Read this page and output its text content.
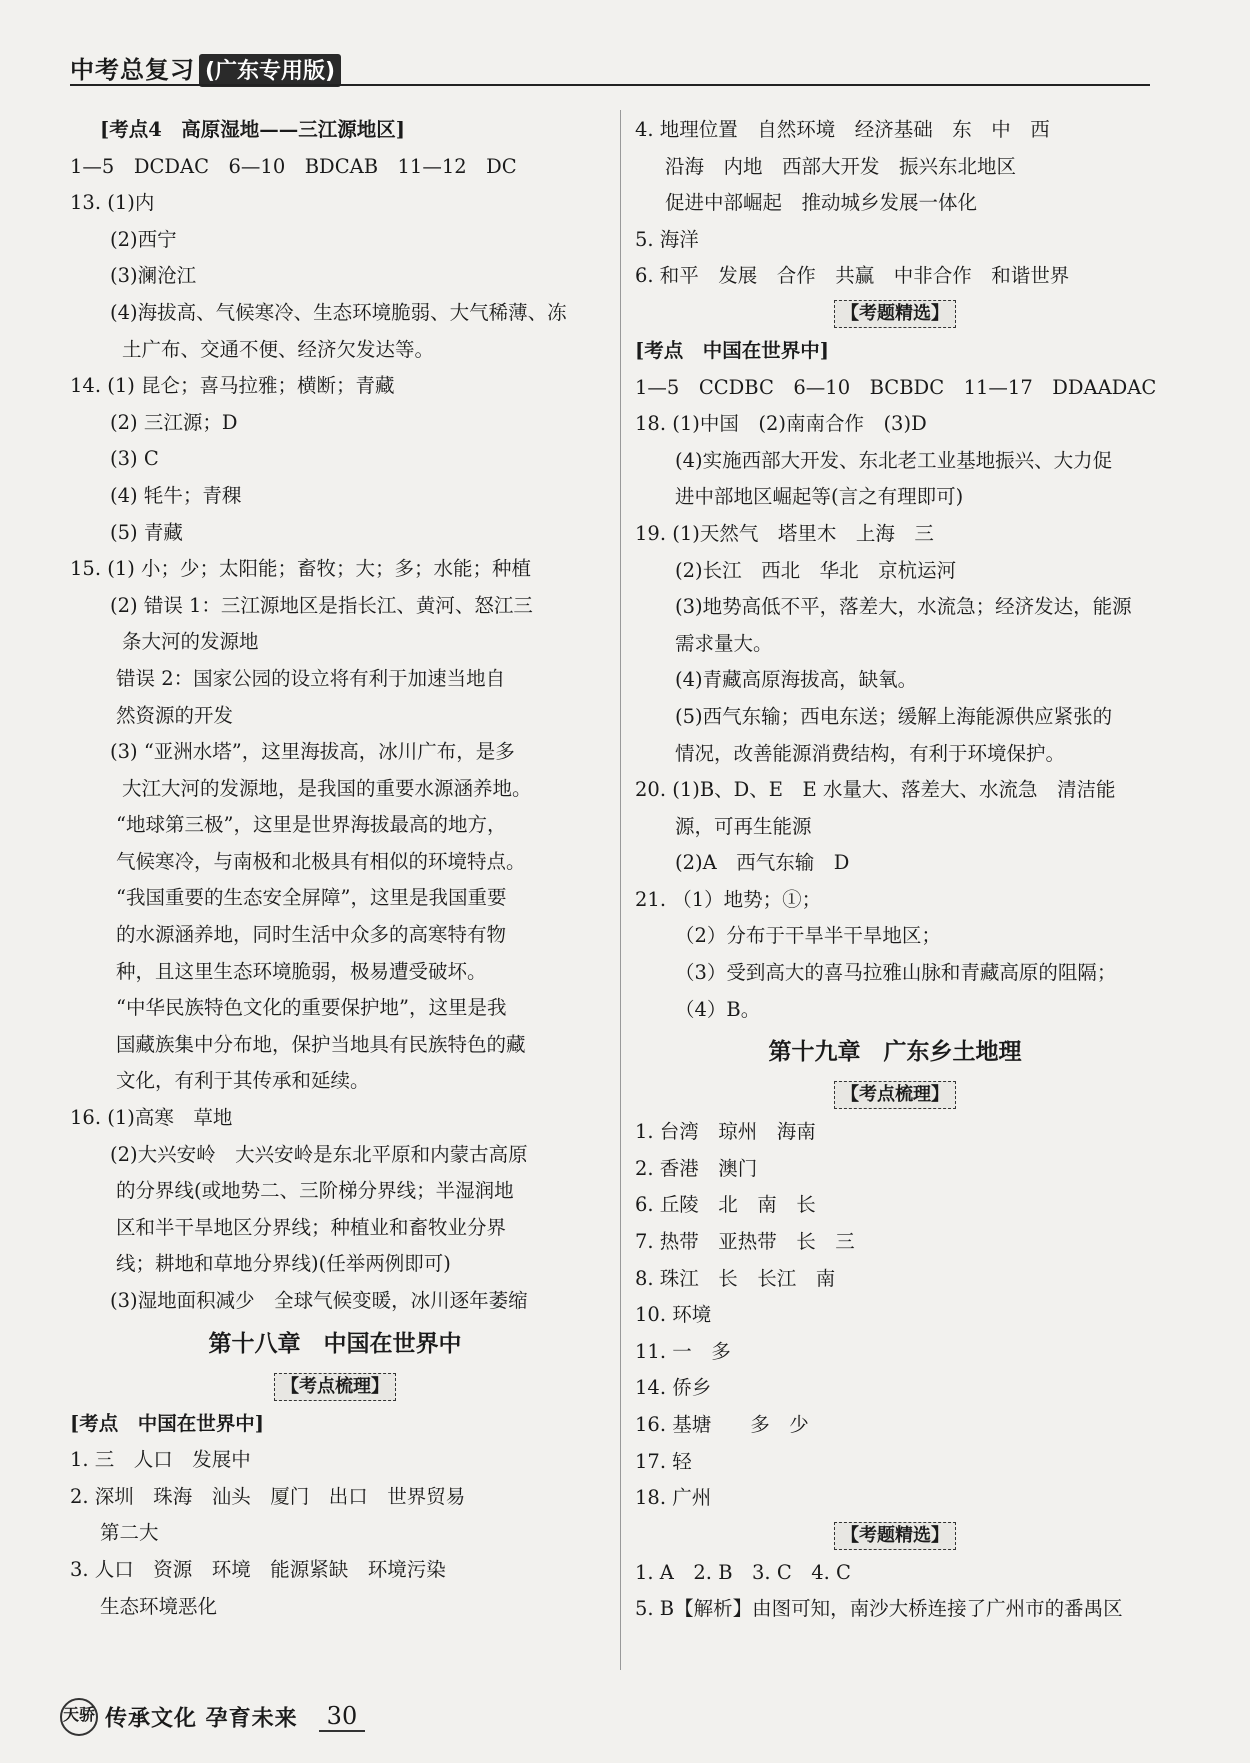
中考总复习 (广东专用版)
[考点4　高原湿地——三江源地区]
1—5　DCDAC　6—10　BDCAB　11—12　DC
13. (1)内
(2)西宁
(3)澜沧江
(4)海拔高、气候寒冷、生态环境脆弱、大气稀薄、冻
土广布、交通不便、经济欠发达等。
14. (1) 昆仑；喜马拉雅；横断；青藏
(2) 三江源；D
(3) C
(4) 牦牛；青稞
(5) 青藏
15. (1) 小；少；太阳能；畜牧；大；多；水能；种植
(2) 错误 1：三江源地区是指长江、黄河、怒江三
条大河的发源地
错误 2：国家公园的设立将有利于加速当地自
然资源的开发
(3) “亚洲水塔”，这里海拔高，冰川广布，是多
大江大河的发源地，是我国的重要水源涵养地。
“地球第三极”，这里是世界海拔最高的地方，
气候寒冷，与南极和北极具有相似的环境特点。
“我国重要的生态安全屏障”，这里是我国重要
的水源涵养地，同时生活中众多的高寒特有物
种，且这里生态环境脆弱，极易遭受破坏。
“中华民族特色文化的重要保护地”，这里是我
国藏族集中分布地，保护当地具有民族特色的藏
文化，有利于其传承和延续。
16. (1)高寒　草地
(2)大兴安岭　大兴安岭是东北平原和内蒙古高原
的分界线(或地势二、三阶梯分界线；半湿润地
区和半干旱地区分界线；种植业和畜牧业分界
线；耕地和草地分界线)(任举两例即可)
(3)湿地面积减少　全球气候变暖，冰川逐年萎缩
第十八章　中国在世界中
【考点梳理】
[考点　中国在世界中]
1. 三　人口　发展中
2. 深圳　珠海　汕头　厦门　出口　世界贸易
第二大
3. 人口　资源　环境　能源紧缺　环境污染
生态环境恶化
4. 地理位置　自然环境　经济基础　东　中　西
沿海　内地　西部大开发　振兴东北地区
促进中部崛起　推动城乡发展一体化
5. 海洋
6. 和平　发展　合作　共赢　中非合作　和谐世界
【考题精选】
[考点　中国在世界中]
1—5　CCDBC　6—10　BCBDC　11—17　DDAADAC
18. (1)中国　(2)南南合作　(3)D
(4)实施西部大开发、东北老工业基地振兴、大力促
进中部地区崛起等(言之有理即可)
19. (1)天然气　塔里木　上海　三
(2)长江　西北　华北　京杭运河
(3)地势高低不平，落差大，水流急；经济发达，能源
需求量大。
(4)青藏高原海拔高，缺氧。
(5)西气东输；西电东送；缓解上海能源供应紧张的
情况，改善能源消费结构，有利于环境保护。
20. (1)B、D、E　E 水量大、落差大、水流急　清洁能
源，可再生能源
(2)A　西气东输　D
21. （1）地势；①；
（2）分布于干旱半干旱地区；
（3）受到高大的喜马拉雅山脉和青藏高原的阻隔；
（4）B。
第十九章　广东乡土地理
【考点梳理】
1. 台湾　琼州　海南
2. 香港　澳门
6. 丘陵　北　南　长
7. 热带　亚热带　长　三
8. 珠江　长　长江　南
10. 环境
11. 一　多
14. 侨乡
16. 基塘　　多　少
17. 轻
18. 广州
【考题精选】
1. A　2. B　3. C　4. C
5. B【解析】由图可知，南沙大桥连接了广州市的番禺区
天骄 传承文化 孕育未来 30
